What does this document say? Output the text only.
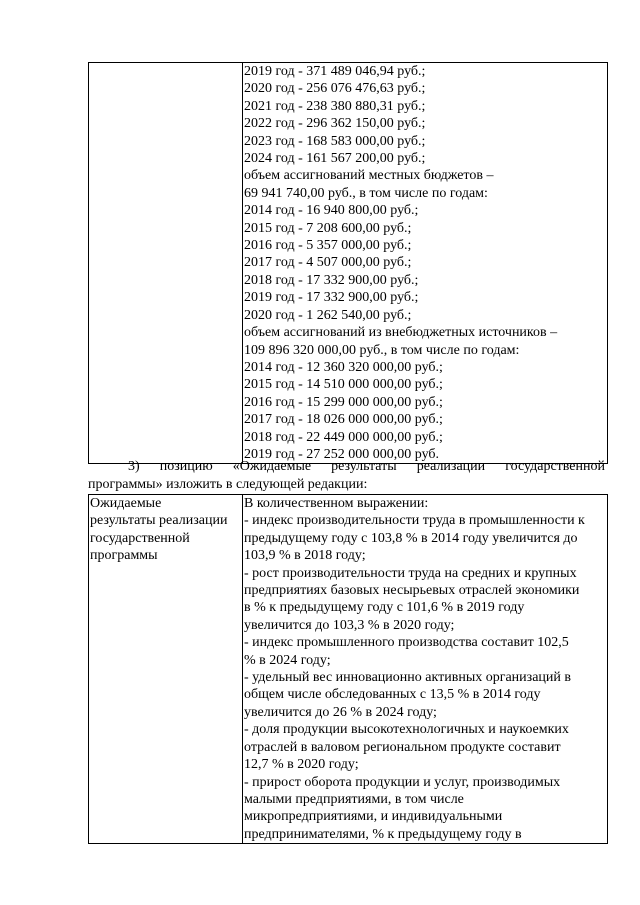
2019 год - 371 489 046,94 руб.;
2020 год - 256 076 476,63 руб.;
2021 год - 238 380 880,31 руб.;
2022 год - 296 362 150,00 руб.;
2023 год - 168 583 000,00 руб.;
2024 год - 161 567 200,00 руб.;
объем ассигнований местных бюджетов –
69 941 740,00 руб., в том числе по годам:
2014 год - 16 940 800,00 руб.;
2015 год - 7 208 600,00 руб.;
2016 год - 5 357 000,00 руб.;
2017 год - 4 507 000,00 руб.;
2018 год - 17 332 900,00 руб.;
2019 год - 17 332 900,00 руб.;
2020 год - 1 262 540,00 руб.;
объем ассигнований из внебюджетных источников –
109 896 320 000,00 руб., в том числе по годам:
2014 год - 12 360 320 000,00 руб.;
2015 год - 14 510 000 000,00 руб.;
2016 год - 15 299 000 000,00 руб.;
2017 год - 18 026 000 000,00 руб.;
2018 год - 22 449 000 000,00 руб.;
2019 год - 27 252 000 000,00 руб.
3) позицию «Ожидаемые результаты реализации государственной
программы» изложить в следующей редакции:
Ожидаемые
результаты реализации
государственной
программы

В количественном выражении:
- индекс производительности труда в промышленности к
предыдущему году с 103,8 % в 2014 году увеличится до
103,9 % в 2018 году;
- рост производительности труда на средних и крупных
предприятиях базовых несырьевых отраслей экономики
в % к предыдущему году с 101,6 % в 2019 году
увеличится до 103,3 % в 2020 году;
- индекс промышленного производства составит 102,5
% в 2024 году;
- удельный вес инновационно активных организаций в
общем числе обследованных с 13,5 % в 2014 году
увеличится до 26 % в 2024 году;
- доля продукции высокотехнологичных и наукоемких
отраслей в валовом региональном продукте составит
12,7 % в 2020 году;
- прирост оборота продукции и услуг, производимых
малыми предприятиями, в том числе
микропредприятиями, и индивидуальными
предпринимателями, % к предыдущему году в
